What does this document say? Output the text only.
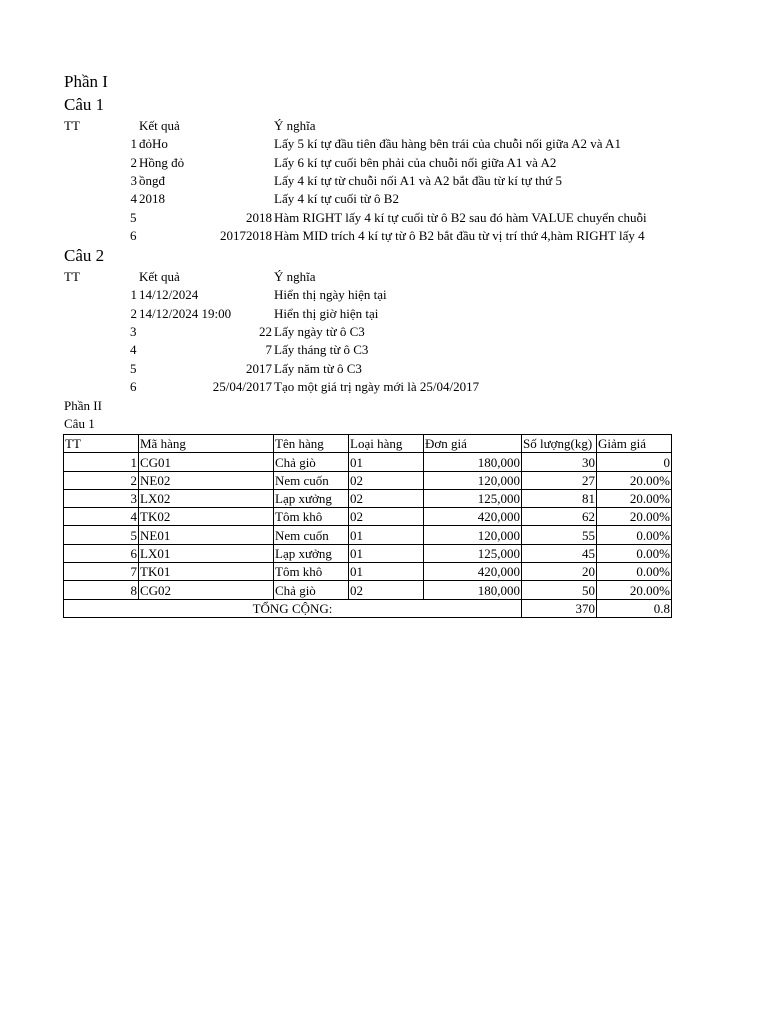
Phần I
Câu 1
TT	Kết quả	Ý nghĩa
1 đỏHo	Lấy 5 kí tự đầu tiên đầu hàng bên trái của chuỗi nối giữa A2 và A1
2 Hồng đỏ	Lấy 6 kí tự cuối bên phải của chuỗi nối giữa A1 và A2
3 ồngđ	Lấy 4 kí tự từ chuỗi nối A1 và A2 bắt đầu từ kí tự thứ 5
4 2018	Lấy 4 kí tự cuối từ ô B2
5	2018 Hàm RIGHT lấy 4 kí tự cuối từ ô B2 sau đó hàm VALUE chuyển chuỗi
6	20172018 Hàm MID trích 4 kí tự từ ô B2 bắt đầu từ vị trí thứ 4,hàm RIGHT lấy 4
Câu 2
TT	Kết quả	Ý nghĩa
1 14/12/2024	Hiển thị ngày hiện tại
2 14/12/2024 19:00	Hiển thị giờ hiện tại
3	22 Lấy ngày từ ô C3
4	7 Lấy tháng từ ô C3
5	2017 Lấy năm từ ô C3
6	25/04/2017 Tạo một giá trị ngày mới là 25/04/2017
Phần II
Câu 1
TT	Mã hàng	Tên hàng	Loại hàng	Đơn giá	Số lượng(kg)	Giảm giá
1	CG01	Chả giò	01	180,000	30	0
2	NE02	Nem cuốn	02	120,000	27	20.00%
3	LX02	Lạp xưởng	02	125,000	81	20.00%
4	TK02	Tôm khô	02	420,000	62	20.00%
5	NE01	Nem cuốn	01	120,000	55	0.00%
6	LX01	Lạp xưởng	01	125,000	45	0.00%
7	TK01	Tôm khô	01	420,000	20	0.00%
8	CG02	Chả giò	02	180,000	50	20.00%
TỔNG CỘNG:					370	0.8
